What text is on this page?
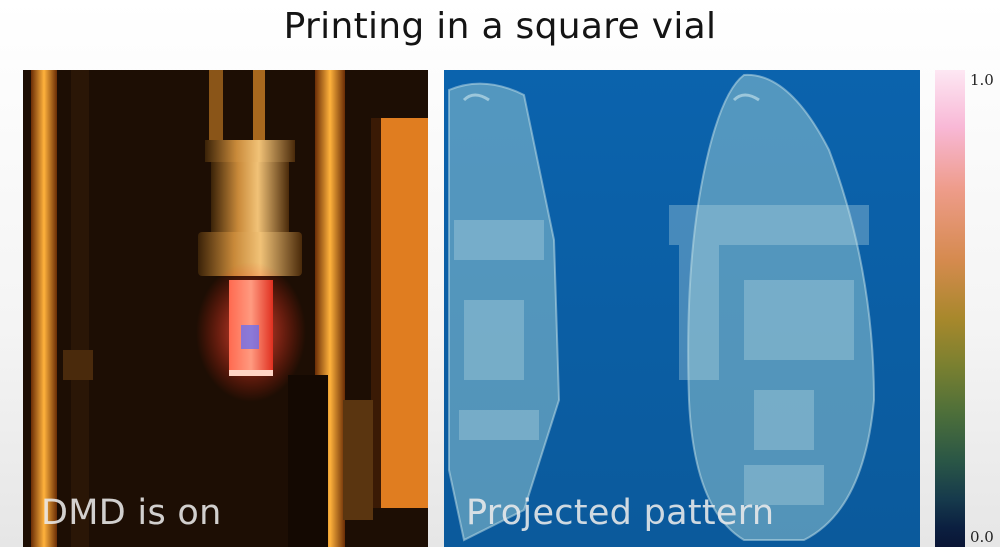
Printing in a square vial
DMD is on	Projected pattern
1.0
0.0
